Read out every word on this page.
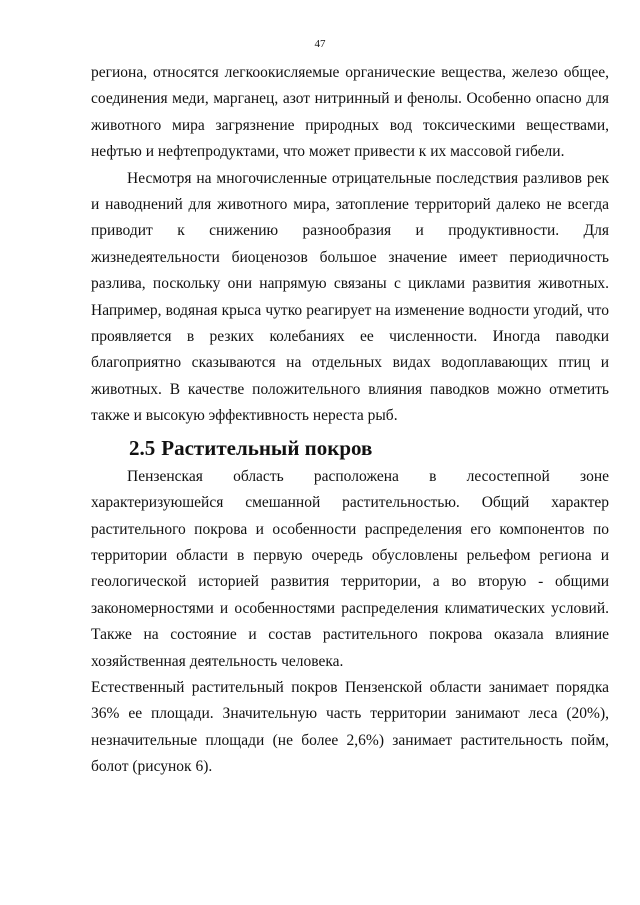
47

региона, относятся легкоокисляемые органические вещества, железо общее, соединения меди, марганец, азот нитринный и фенолы. Особенно опасно для животного мира загрязнение природных вод токсическими веществами, нефтью и нефтепродуктами, что может привести к их массовой гибели.

Несмотря на многочисленные отрицательные последствия разливов рек и наводнений для животного мира, затопление территорий далеко не всегда приводит к снижению разнообразия и продуктивности. Для жизнедеятельности биоценозов большое значение имеет периодичность разлива, поскольку они напрямую связаны с циклами развития животных. Например, водяная крыса чутко реагирует на изменение водности угодий, что проявляется в резких колебаниях ее численности. Иногда паводки благоприятно сказываются на отдельных видах водоплавающих птиц и животных. В качестве положительного влияния паводков можно отметить также и высокую эффективность нереста рыб.

2.5 Растительный покров

Пензенская область расположена в лесостепной зоне характеризуюшейся смешанной растительностью. Общий характер растительного покрова и особенности распределения его компонентов по территории области в первую очередь обусловлены рельефом региона и геологической историей развития территории, а во вторую - общими закономерностями и особенностями распределения климатических условий. Также на состояние и состав растительного покрова оказала влияние хозяйственная деятельность человека.

Естественный растительный покров Пензенской области занимает порядка 36% ее площади. Значительную часть территории занимают леса (20%), незначительные площади (не более 2,6%) занимает растительность пойм, болот (рисунок 6).
